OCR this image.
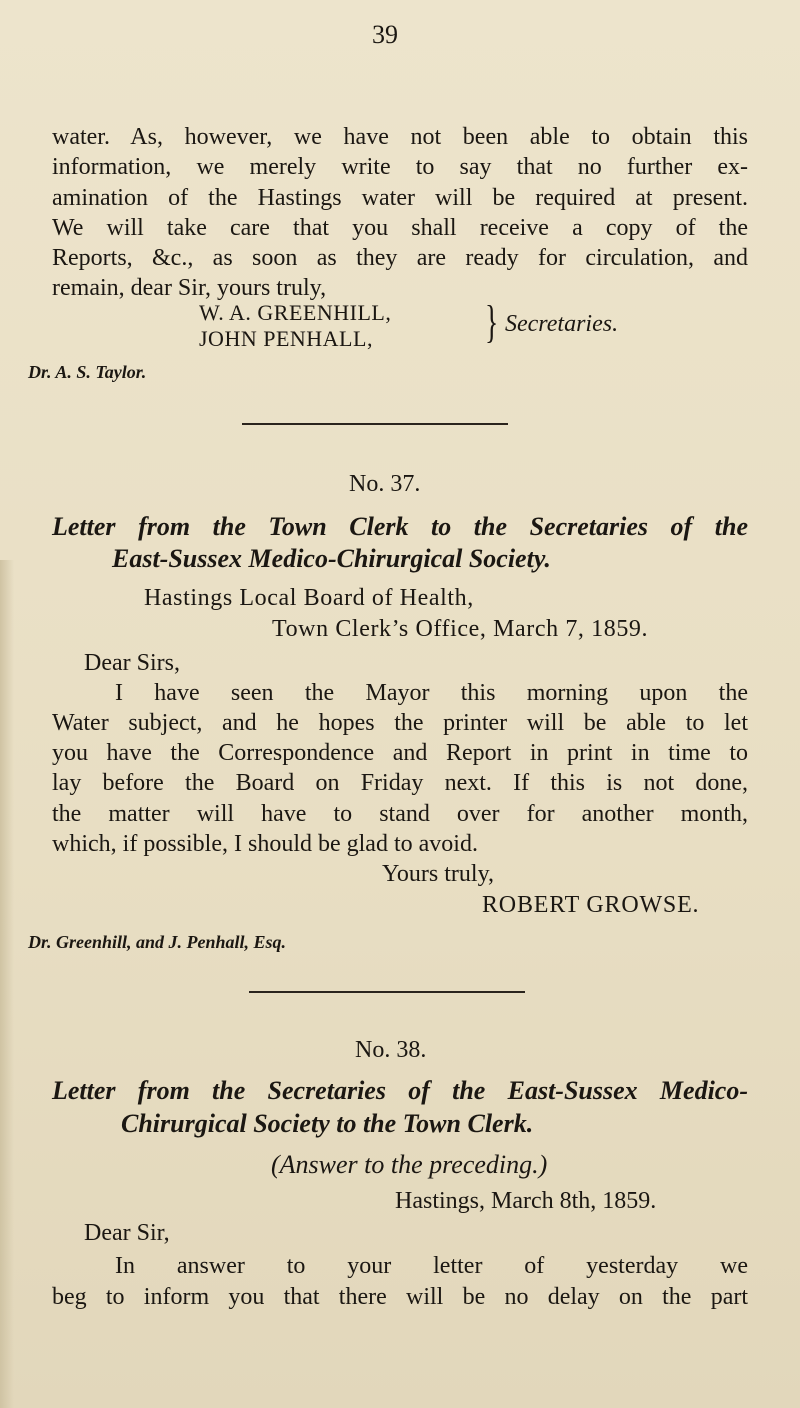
39
water. As, however, we have not been able to obtain this
information, we merely write to say that no further ex-
amination of the Hastings water will be required at present.
We will take care that you shall receive a copy of the
Reports, &c., as soon as they are ready for circulation, and
remain, dear Sir, yours truly,
W. A. GREENHILL,
JOHN PENHALL, } Secretaries.
Dr. A. S. Taylor.
No. 37.
Letter from the Town Clerk to the Secretaries of the
East-Sussex Medico-Chirurgical Society.
Hastings Local Board of Health,
Town Clerk’s Office, March 7, 1859.
Dear Sirs,
I have seen the Mayor this morning upon the
Water subject, and he hopes the printer will be able to let
you have the Correspondence and Report in print in time to
lay before the Board on Friday next. If this is not done,
the matter will have to stand over for another month,
which, if possible, I should be glad to avoid.
Yours truly,
ROBERT GROWSE.
Dr. Greenhill, and J. Penhall, Esq.
No. 38.
Letter from the Secretaries of the East-Sussex Medico-
Chirurgical Society to the Town Clerk.
(Answer to the preceding.)
Hastings, March 8th, 1859.
Dear Sir,
In answer to your letter of yesterday we
beg to inform you that there will be no delay on the part
